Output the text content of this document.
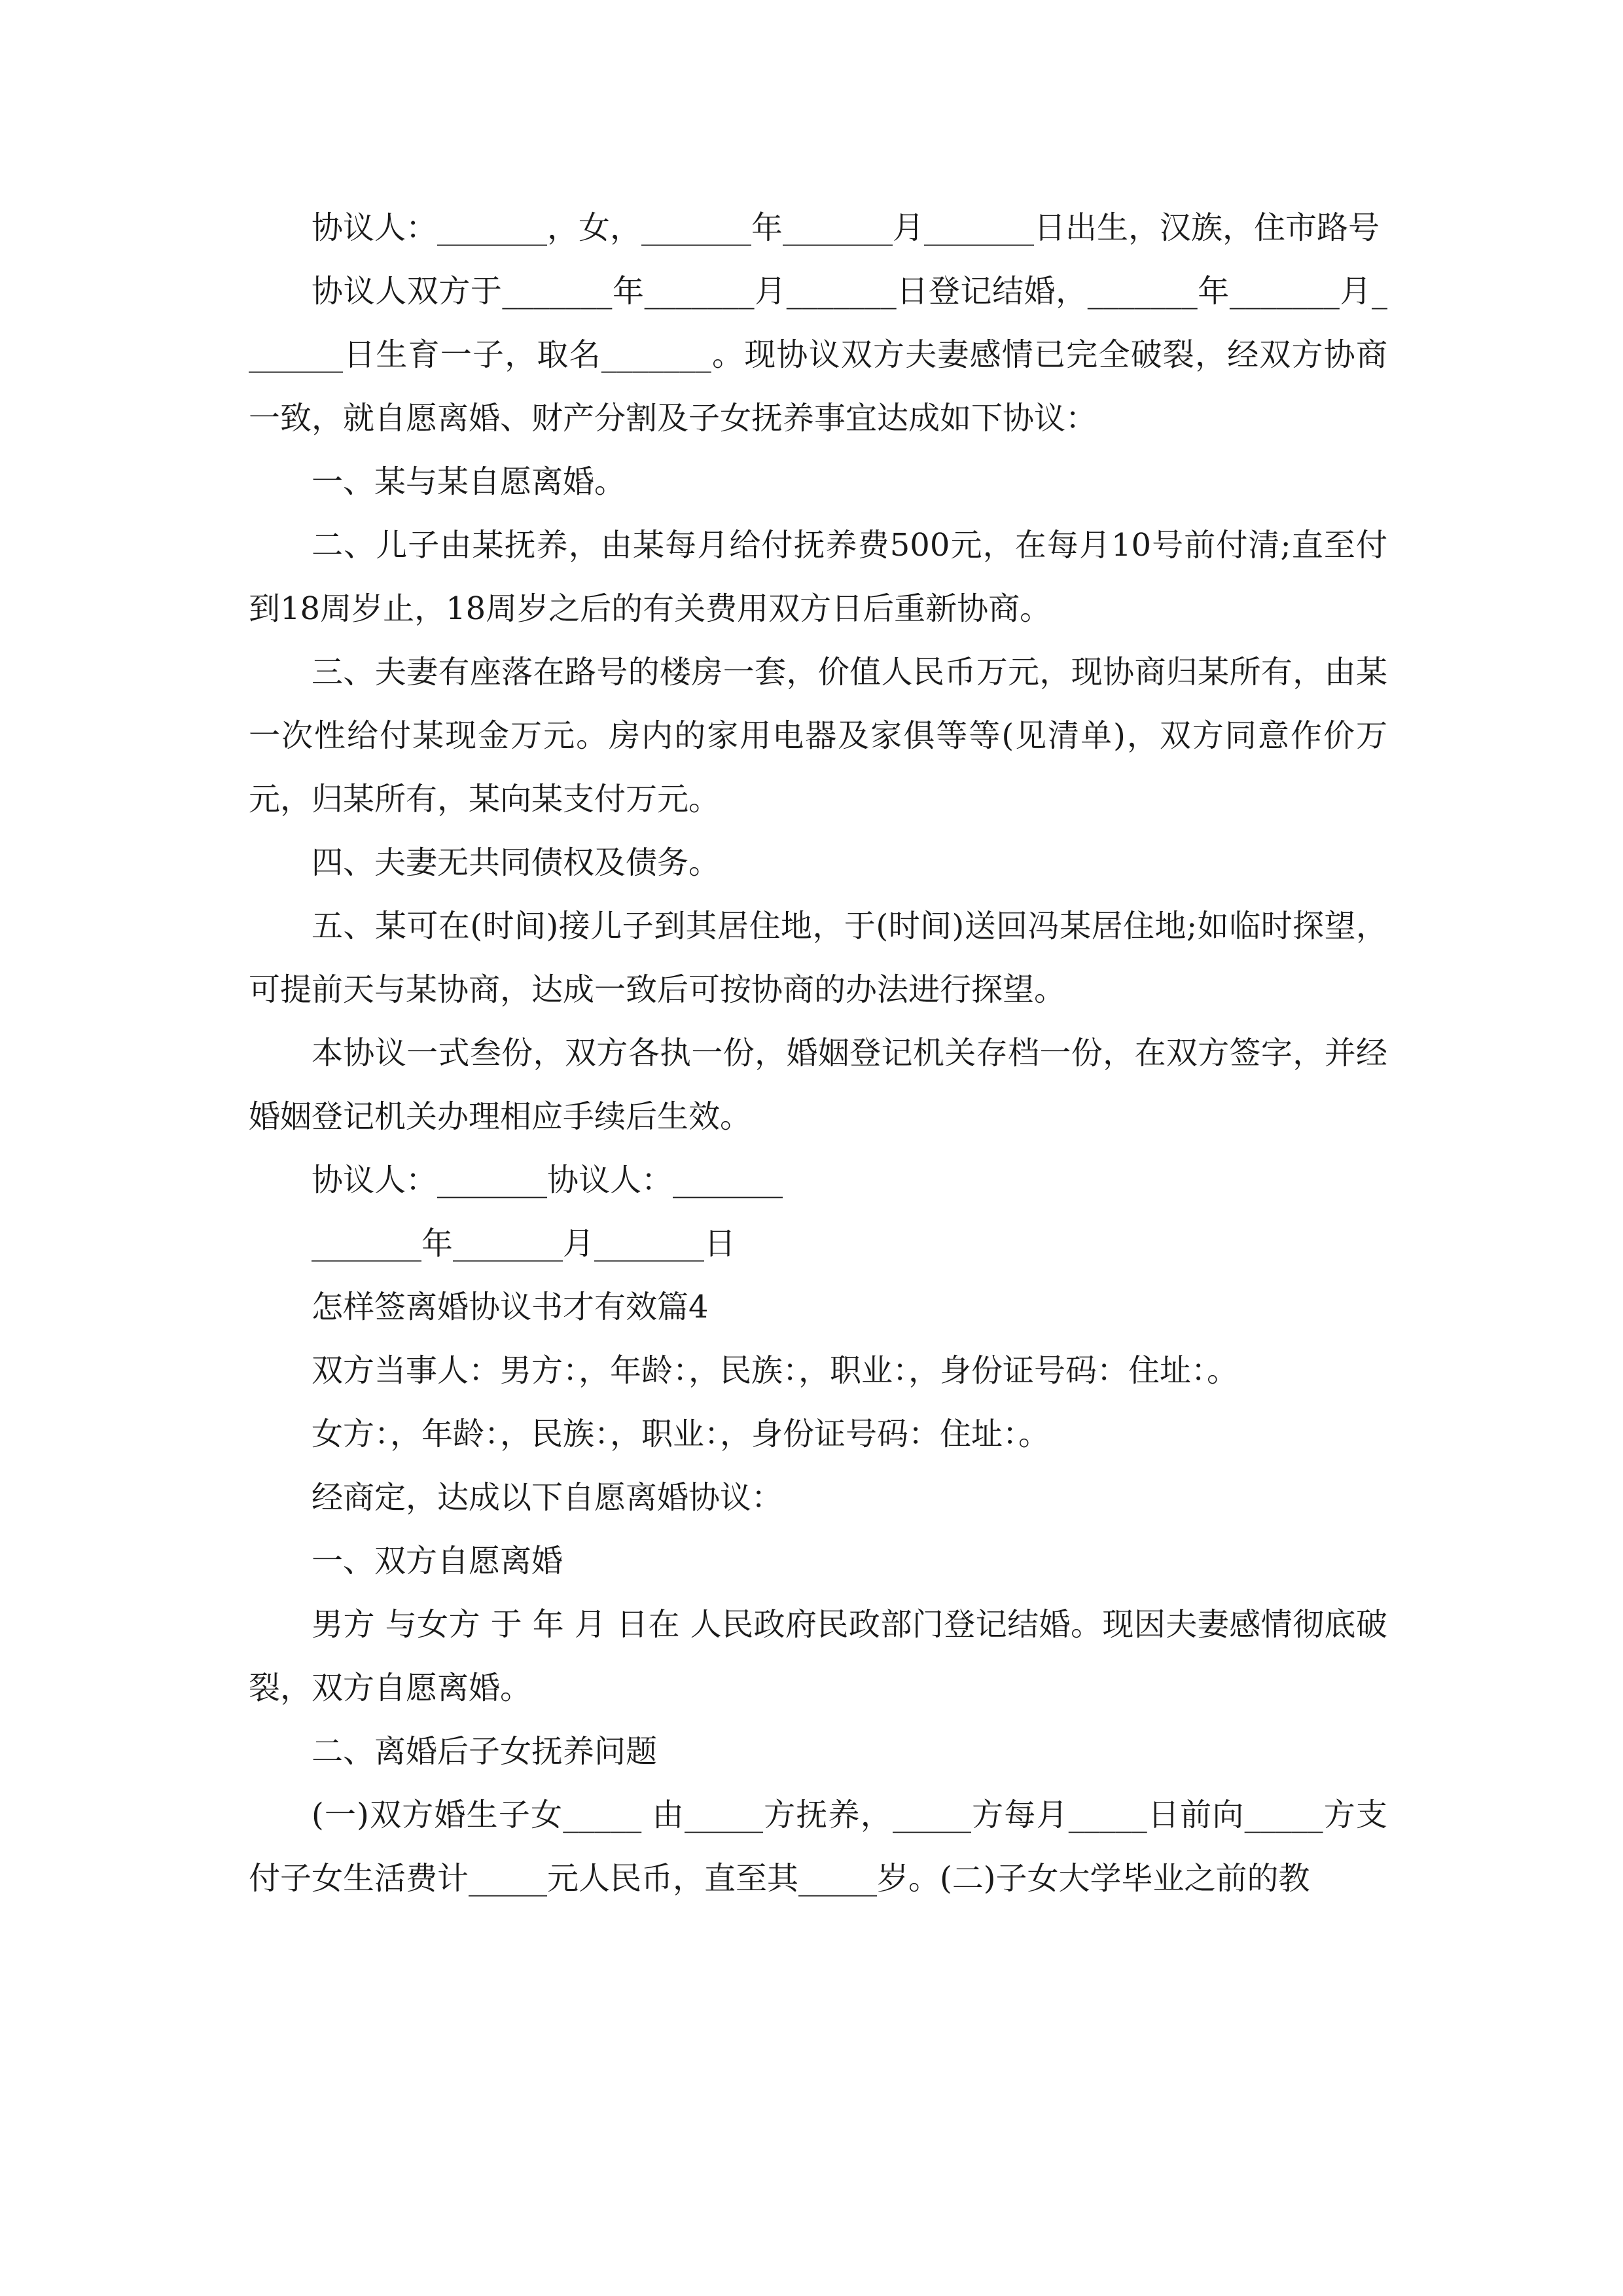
协议人：_______，女，_______年_______月_______日出生，汉族，住市路号

协议人双方于_______年_______月_______日登记结婚，_______年_______月_______日生育一子，取名_______。现协议双方夫妻感情已完全破裂，经双方协商一致，就自愿离婚、财产分割及子女抚养事宜达成如下协议：

一、某与某自愿离婚。

二、儿子由某抚养，由某每月给付抚养费500元，在每月10号前付清;直至付到18周岁止，18周岁之后的有关费用双方日后重新协商。

三、夫妻有座落在路号的楼房一套，价值人民币万元，现协商归某所有，由某一次性给付某现金万元。房内的家用电器及家俱等等(见清单)，双方同意作价万元，归某所有，某向某支付万元。

四、夫妻无共同债权及债务。

五、某可在(时间)接儿子到其居住地，于(时间)送回冯某居住地;如临时探望，可提前天与某协商，达成一致后可按协商的办法进行探望。

本协议一式叁份，双方各执一份，婚姻登记机关存档一份，在双方签字，并经婚姻登记机关办理相应手续后生效。

协议人：_______协议人：_______

_______年_______月_______日

怎样签离婚协议书才有效篇4

双方当事人：男方：，年龄：，民族：，职业：，身份证号码：住址：。

女方：，年龄：，民族：，职业：，身份证号码：住址：。

经商定，达成以下自愿离婚协议：

一、双方自愿离婚

男方 与女方 于 年 月 日在 人民政府民政部门登记结婚。现因夫妻感情彻底破裂，双方自愿离婚。

二、离婚后子女抚养问题

(一)双方婚生子女_____ 由_____方抚养，_____方每月_____日前向_____方支付子女生活费计_____元人民币，直至其_____岁。(二)子女大学毕业之前的教
